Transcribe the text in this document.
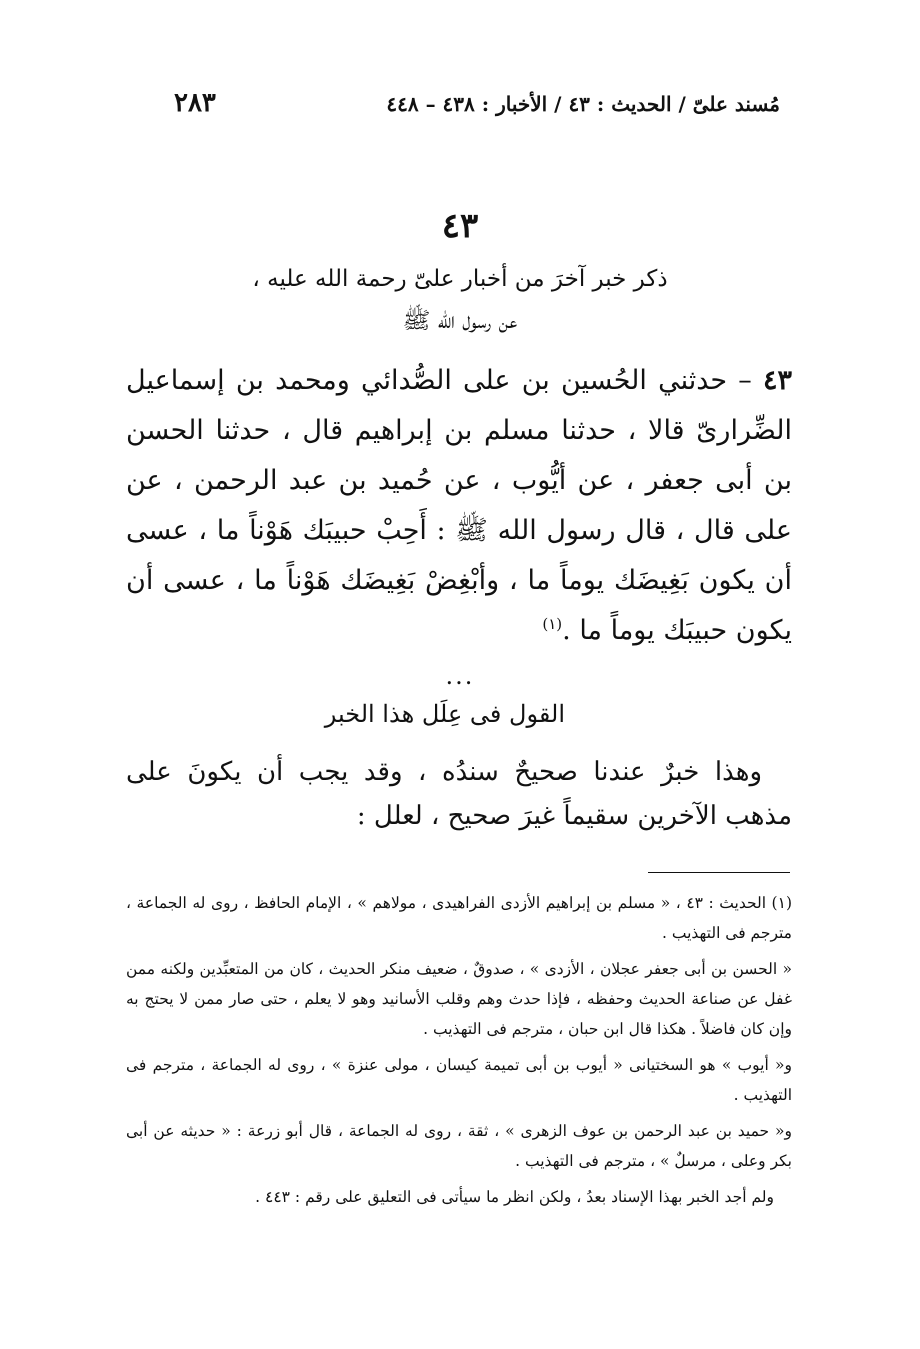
مُسند علىّ / الحديث : ٤٣ / الأخبار : ٤٣٨ – ٤٤٨
٢٨٣
٤٣
ذكر خبر آخرَ من أخبار علىّ رحمة الله عليه ،
عن رسول الله ﷺ
٤٣ – حدثني الحُسين بن على الصُّدائي ومحمد بن إسماعيل الضِّرارىّ قالا ، حدثنا مسلم بن إبراهيم قال ، حدثنا الحسن بن أبى جعفر ، عن أيُّوب ، عن حُميد بن عبد الرحمن ، عن على قال ، قال رسول الله ﷺ : أَحِبْ حبيبَك هَوْناً ما ، عسى أن يكون بَغِيضَك يوماً ما ، وأبْغِضْ بَغِيضَك هَوْناً ما ، عسى أن يكون حبيبَك يوماً ما .$^{(١)}$
...
القول فى عِلَل هذا الخبر
وهذا خبرٌ عندنا صحيحٌ سندُه ، وقد يجب أن يكونَ على مذهب الآخرين سقيماً غيرَ صحيح ، لعلل :

(١) الحديث : ٤٣ ، « مسلم بن إبراهيم الأزدى الفراهيدى ، مولاهم » ، الإمام الحافظ ، روى له الجماعة ، مترجم فى التهذيب .

« الحسن بن أبى جعفر عجلان ، الأزدى » ، صدوقٌ ، ضعيف منكر الحديث ، كان من المتعبِّدين ولكنه ممن غفل عن صناعة الحديث وحفظه ، فإذا حدث وهم وقلب الأسانيد وهو لا يعلم ، حتى صار ممن لا يحتج به وإن كان فاضلاً . هكذا قال ابن حبان ، مترجم فى التهذيب .

و« أيوب » هو السختيانى « أيوب بن أبى تميمة كيسان ، مولى عنزة » ، روى له الجماعة ، مترجم فى التهذيب .

و« حميد بن عبد الرحمن بن عوف الزهرى » ، ثقة ، روى له الجماعة ، قال أبو زرعة : « حديثه عن أبى بكر وعلى ، مرسلٌ » ، مترجم فى التهذيب .

ولم أجد الخبر بهذا الإسناد بعدُ ، ولكن انظر ما سيأتى فى التعليق على رقم : ٤٤٣ .
